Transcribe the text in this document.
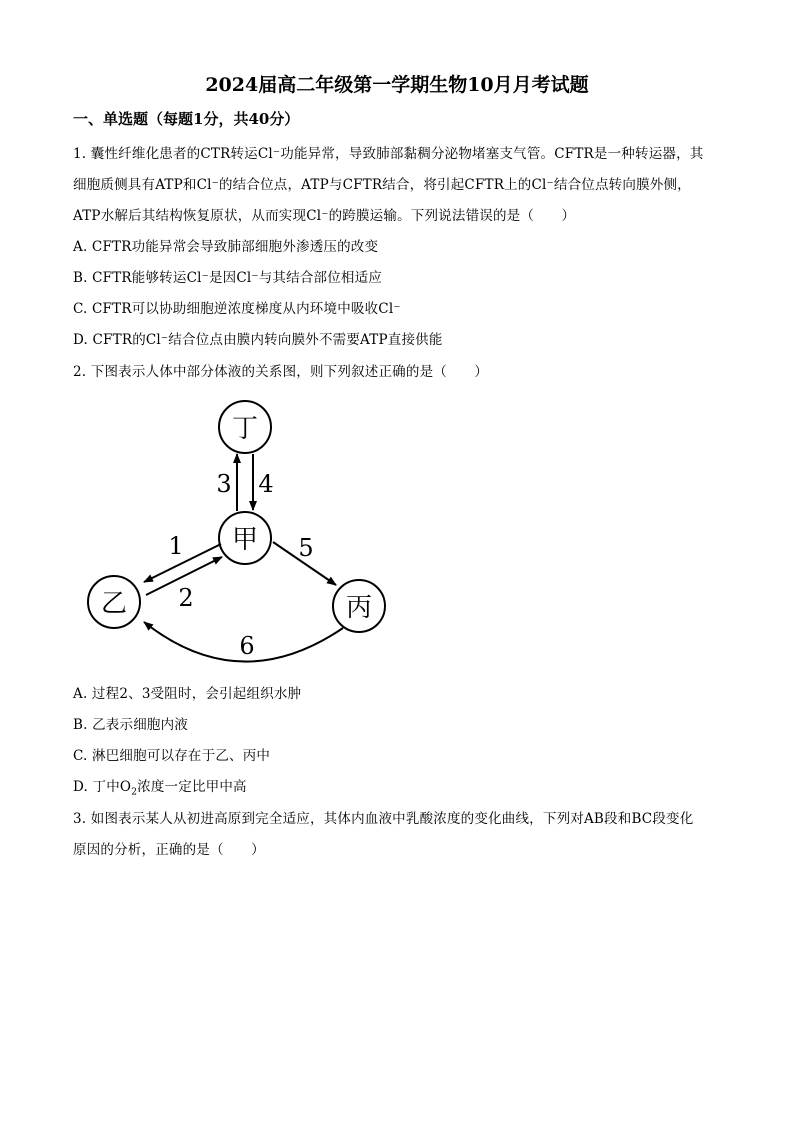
2024届高二年级第一学期生物10月月考试题
一、单选题（每题1分，共40分）
1. 囊性纤维化患者的CTR转运Cl⁻功能异常，导致肺部黏稠分泌物堵塞支气管。CFTR是一种转运器，其
细胞质侧具有ATP和Cl⁻的结合位点，ATP与CFTR结合，将引起CFTR上的Cl⁻结合位点转向膜外侧，
ATP水解后其结构恢复原状，从而实现Cl⁻的跨膜运输。下列说法错误的是（　　）
A. CFTR功能异常会导致肺部细胞外渗透压的改变
B. CFTR能够转运Cl⁻是因Cl⁻与其结合部位相适应
C. CFTR可以协助细胞逆浓度梯度从内环境中吸收Cl⁻
D. CFTR的Cl⁻结合位点由膜内转向膜外不需要ATP直接供能
2. 下图表示人体中部分体液的关系图，则下列叙述正确的是（　　）
丁
甲
乙	丙
3 4
1
2
5
6
A. 过程2、3受阻时，会引起组织水肿
B. 乙表示细胞内液
C. 淋巴细胞可以存在于乙、丙中
D. 丁中$O_2$浓度一定比甲中高
3. 如图表示某人从初进高原到完全适应，其体内血液中乳酸浓度的变化曲线，下列对AB段和BC段变化
原因的分析，正确的是（　　）
